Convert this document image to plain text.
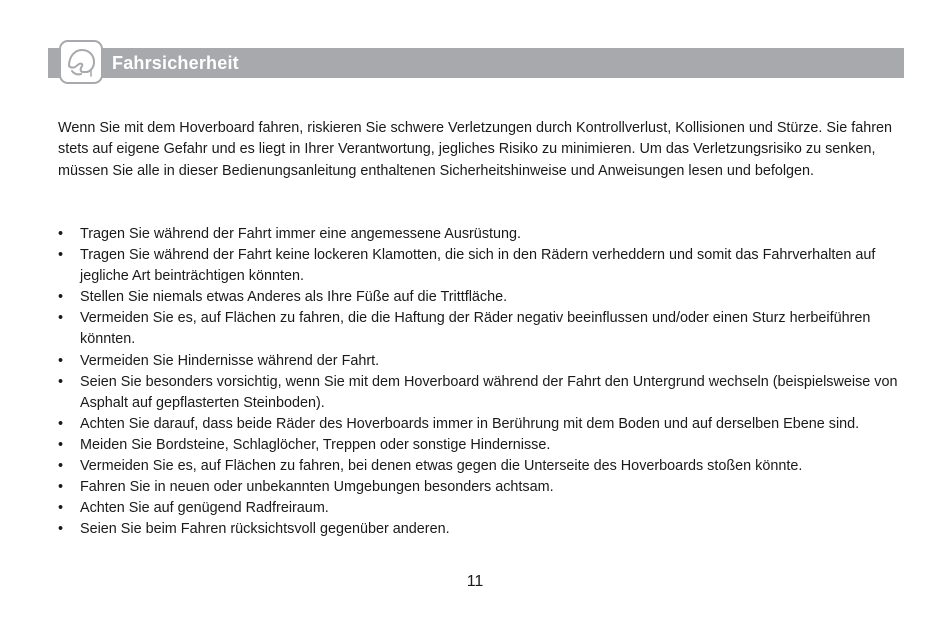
Fahrsicherheit

Wenn Sie mit dem Hoverboard fahren, riskieren Sie schwere Verletzungen durch Kontrollverlust, Kollisionen und Stürze. Sie fahren stets auf eigene Gefahr und es liegt in Ihrer Verantwortung, jegliches Risiko zu minimieren. Um das Verletzungsrisiko zu senken, müssen Sie alle in dieser Bedienungsanleitung enthaltenen Sicherheitshinweise und Anweisungen lesen und befolgen.

• Tragen Sie während der Fahrt immer eine angemessene Ausrüstung.
• Tragen Sie während der Fahrt keine lockeren Klamotten, die sich in den Rädern verheddern und somit das Fahrverhalten auf jegliche Art beinträchtigen könnten.
• Stellen Sie niemals etwas Anderes als Ihre Füße auf die Trittfläche.
• Vermeiden Sie es, auf Flächen zu fahren, die die Haftung der Räder negativ beeinflussen und/oder einen Sturz herbeiführen könnten.
• Vermeiden Sie Hindernisse während der Fahrt.
• Seien Sie besonders vorsichtig, wenn Sie mit dem Hoverboard während der Fahrt den Untergrund wechseln (beispielsweise von Asphalt auf gepflasterten Steinboden).
• Achten Sie darauf, dass beide Räder des Hoverboards immer in Berührung mit dem Boden und auf derselben Ebene sind.
• Meiden Sie Bordsteine, Schlaglöcher, Treppen oder sonstige Hindernisse.
• Vermeiden Sie es, auf Flächen zu fahren, bei denen etwas gegen die Unterseite des Hoverboards stoßen könnte.
• Fahren Sie in neuen oder unbekannten Umgebungen besonders achtsam.
• Achten Sie auf genügend Radfreiraum.
• Seien Sie beim Fahren rücksichtsvoll gegenüber anderen.
11
